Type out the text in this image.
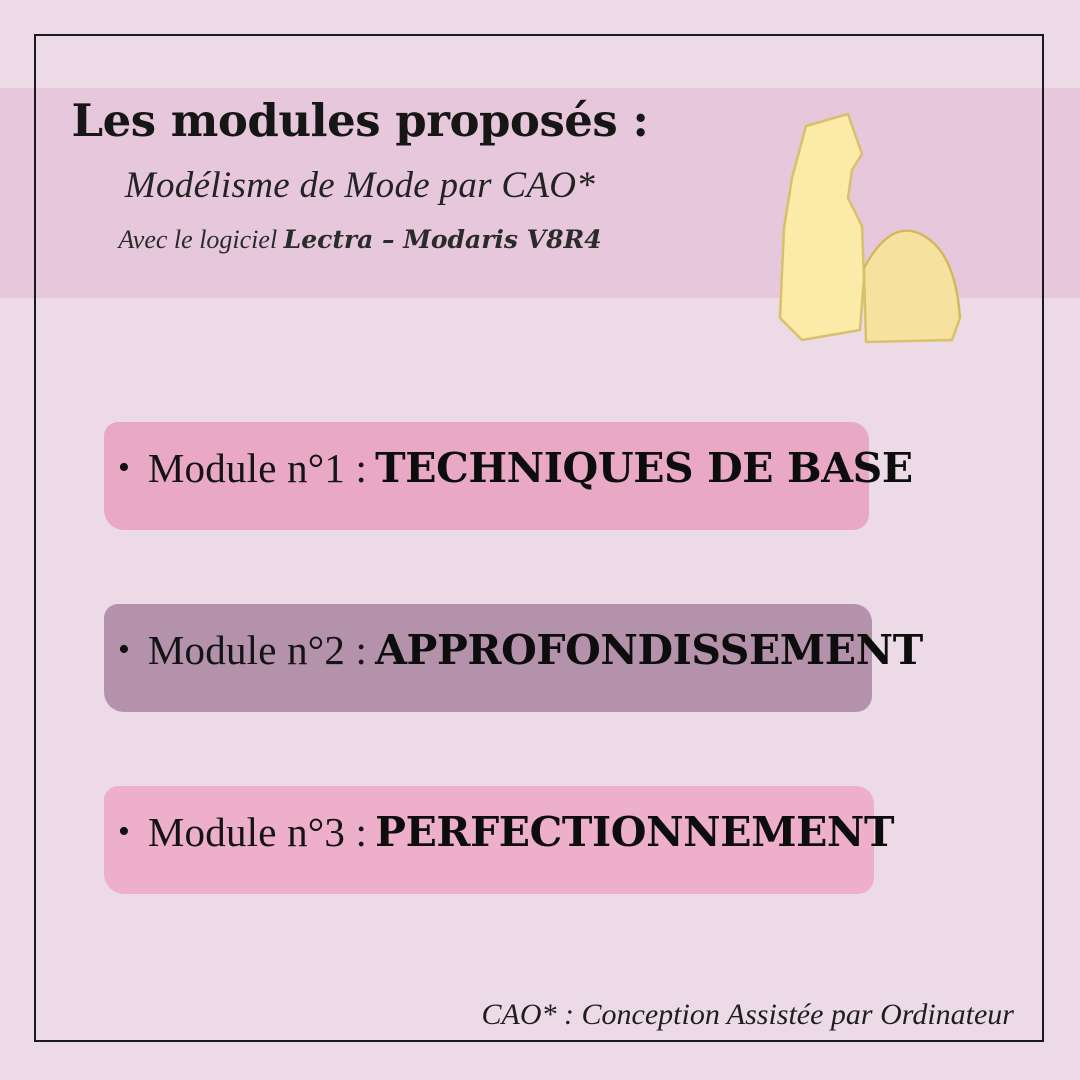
Les modules proposés :
Modélisme de Mode par CAO*
Avec le logiciel Lectra – Modaris V8R4
• Module n°1 : TECHNIQUES DE BASE
• Module n°2 : APPROFONDISSEMENT
• Module n°3 : PERFECTIONNEMENT
CAO* : Conception Assistée par Ordinateur
